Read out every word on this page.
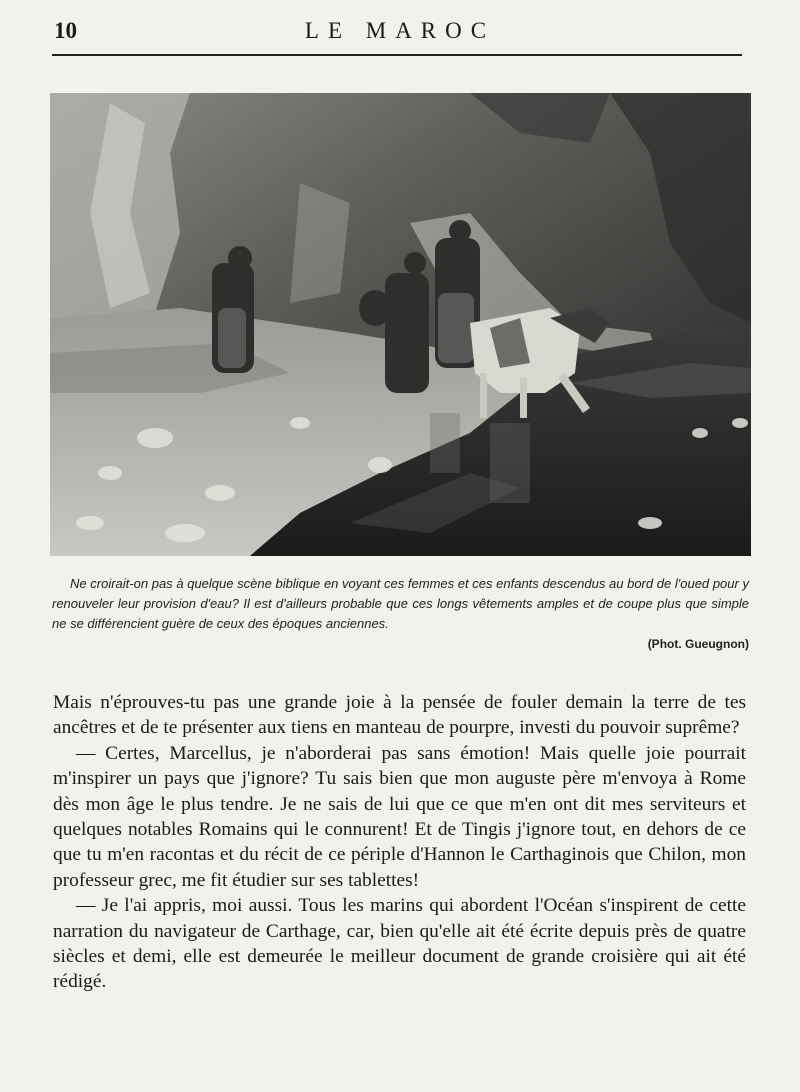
10	LE MAROC
Ne croirait-on pas à quelque scène biblique en voyant ces femmes et ces enfants descendus au bord de l'oued pour y renouveler leur provision d'eau? Il est d'ailleurs probable que ces longs vêtements amples et de coupe plus que simple ne se différencient guère de ceux des époques anciennes.
(Phot. Gueugnon)

Mais n'éprouves-tu pas une grande joie à la pensée de fouler demain la terre de tes ancêtres et de te présenter aux tiens en manteau de pourpre, investi du pouvoir suprême?

— Certes, Marcellus, je n'aborderai pas sans émotion! Mais quelle joie pourrait m'inspirer un pays que j'ignore? Tu sais bien que mon auguste père m'envoya à Rome dès mon âge le plus tendre. Je ne sais de lui que ce que m'en ont dit mes serviteurs et quelques notables Romains qui le connurent! Et de Tingis j'ignore tout, en dehors de ce que tu m'en racontas et du récit de ce périple d'Hannon le Carthaginois que Chilon, mon professeur grec, me fit étudier sur ses tablettes!

— Je l'ai appris, moi aussi. Tous les marins qui abordent l'Océan s'inspirent de cette narration du navigateur de Carthage, car, bien qu'elle ait été écrite depuis près de quatre siècles et demi, elle est demeurée le meilleur document de grande croisière qui ait été rédigé.
